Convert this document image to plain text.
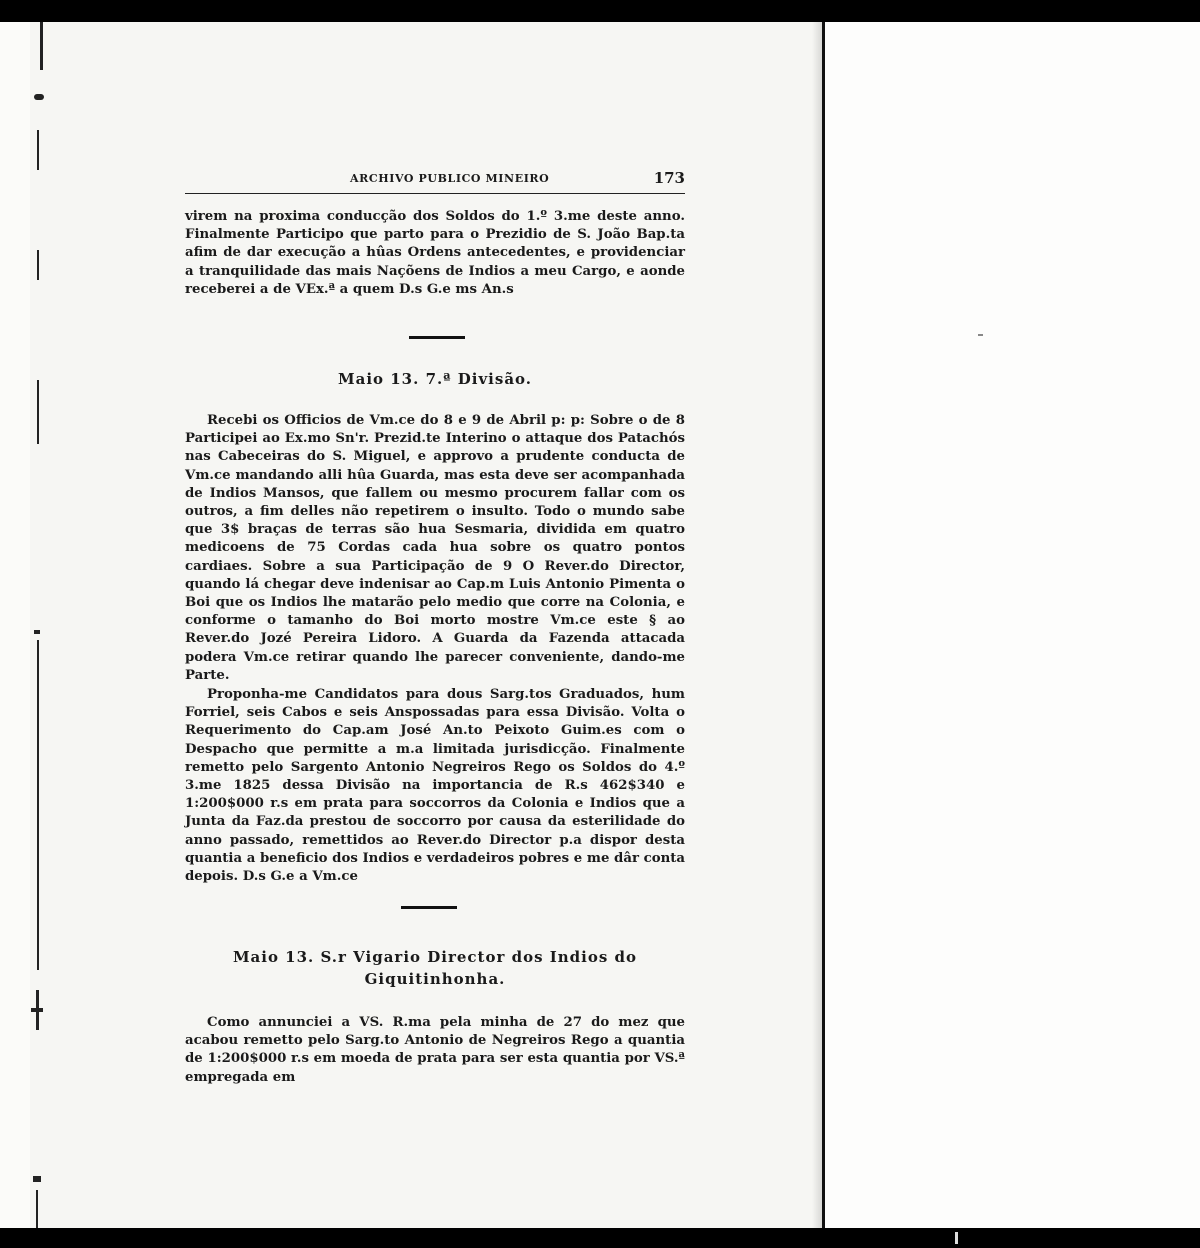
ARCHIVO PUBLICO MINEIRO	173
virem na proxima conducção dos Soldos do 1.º 3.me deste anno. Finalmente Participo que parto para o Prezidio de S. João Bap.ta afim de dar execução a hûas Ordens antecedentes, e providenciar a tranquilidade das mais Naçõens de Indios a meu Cargo, e aonde receberei a de VEx.ª a quem D.s G.e ms An.s
Maio 13. 7.ª Divisão.
Recebi os Officios de Vm.ce do 8 e 9 de Abril p: p: Sobre o de 8 Participei ao Ex.mo Sn'r. Prezid.te Interino o attaque dos Patachós nas Cabeceiras do S. Miguel, e approvo a prudente conducta de Vm.ce mandando alli hûa Guarda, mas esta deve ser acompanhada de Indios Mansos, que fallem ou mesmo procurem fallar com os outros, a fim delles não repetirem o insulto. Todo o mundo sabe que 3$ braças de terras são hua Sesmaria, dividida em quatro medicoens de 75 Cordas cada hua sobre os quatro pontos cardiaes. Sobre a sua Participação de 9 O Rever.do Director, quando lá chegar deve indenisar ao Cap.m Luis Antonio Pimenta o Boi que os Indios lhe matarão pelo medio que corre na Colonia, e conforme o tamanho do Boi morto mostre Vm.ce este § ao Rever.do Jozé Pereira Lidoro. A Guarda da Fazenda attacada podera Vm.ce retirar quando lhe parecer conveniente, dando-me Parte.
Proponha-me Candidatos para dous Sarg.tos Graduados, hum Forriel, seis Cabos e seis Anspossadas para essa Divisão. Volta o Requerimento do Cap.am José An.to Peixoto Guim.es com o Despacho que permitte a m.a limitada jurisdicção. Finalmente remetto pelo Sargento Antonio Negreiros Rego os Soldos do 4.º 3.me 1825 dessa Divisão na importancia de R.s 462$340 e 1:200$000 r.s em prata para soccorros da Colonia e Indios que a Junta da Faz.da prestou de soccorro por causa da esterilidade do anno passado, remettidos ao Rever.do Director p.a dispor desta quantia a beneficio dos Indios e verdadeiros pobres e me dâr conta depois. D.s G.e a Vm.ce
Maio 13. S.r Vigario Director dos Indios do
Giquitinhonha.
Como annunciei a VS. R.ma pela minha de 27 do mez que acabou remetto pelo Sarg.to Antonio de Negreiros Rego a quantia de 1:200$000 r.s em moeda de prata para ser esta quantia por VS.ª empregada em
